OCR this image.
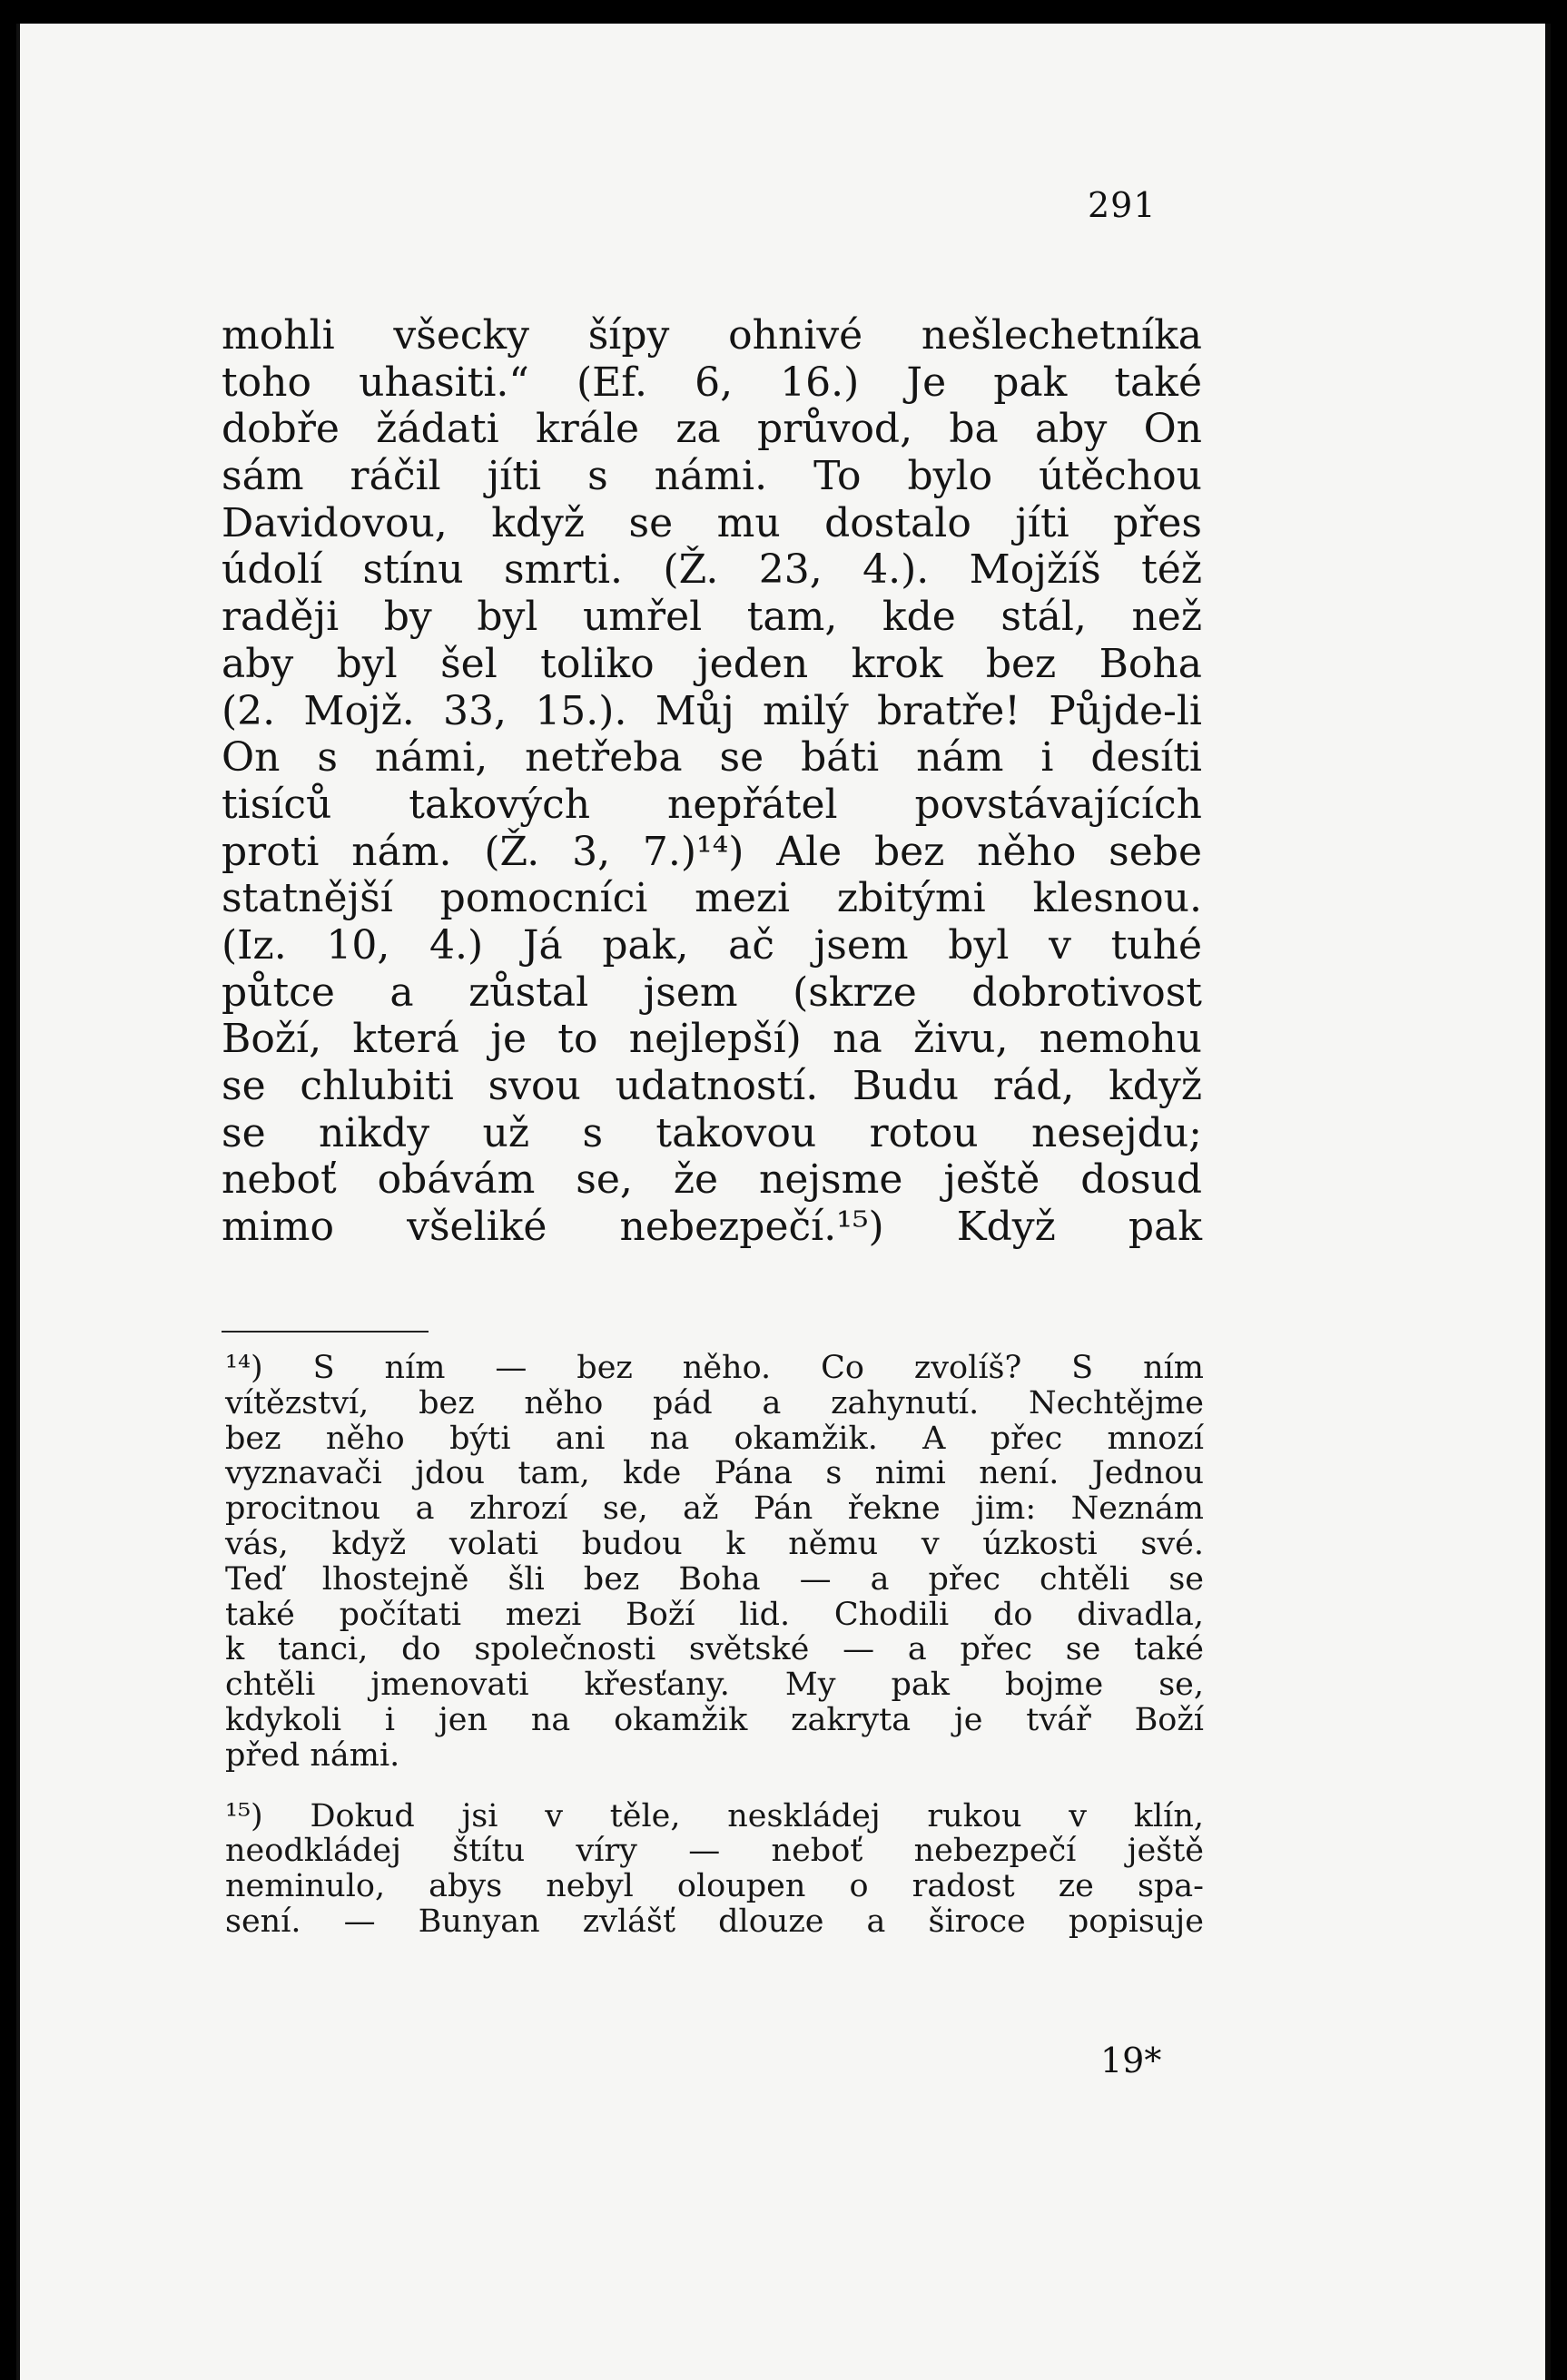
291
mohli všecky šípy ohnivé nešlechetníka
toho uhasiti.“ (Ef. 6, 16.) Je pak také
dobře žádati krále za průvod, ba aby On
sám ráčil jíti s námi. To bylo útěchou
Davidovou, když se mu dostalo jíti přes
údolí stínu smrti. (Ž. 23, 4.). Mojžíš též
raději by byl umřel tam, kde stál, než
aby byl šel toliko jeden krok bez Boha
(2. Mojž. 33, 15.). Můj milý bratře! Půjde-li
On s námi, netřeba se báti nám i desíti
tisíců takových nepřátel povstávajících
proti nám. (Ž. 3, 7.)¹⁴) Ale bez něho sebe
statnější pomocníci mezi zbitými klesnou.
(Iz. 10, 4.) Já pak, ač jsem byl v tuhé
půtce a zůstal jsem (skrze dobrotivost
Boží, která je to nejlepší) na živu, nemohu
se chlubiti svou udatností. Budu rád, když
se nikdy už s takovou rotou nesejdu;
neboť obávám se, že nejsme ještě dosud
mimo všeliké nebezpečí.¹⁵) Když pak
¹⁴) S ním — bez něho. Co zvolíš? S ním
vítězství, bez něho pád a zahynutí. Nechtějme
bez něho býti ani na okamžik. A přec mnozí
vyznavači jdou tam, kde Pána s nimi není. Jednou
procitnou a zhrozí se, až Pán řekne jim: Neznám
vás, když volati budou k němu v úzkosti své.
Teď lhostejně šli bez Boha — a přec chtěli se
také počítati mezi Boží lid. Chodili do divadla,
k tanci, do společnosti světské — a přec se také
chtěli jmenovati křesťany. My pak bojme se,
kdykoli i jen na okamžik zakryta je tvář Boží
před námi.
¹⁵) Dokud jsi v těle, neskládej rukou v klín,
neodkládej štítu víry — neboť nebezpečí ještě
neminulo, abys nebyl oloupen o radost ze spa-
sení. — Bunyan zvlášť dlouze a široce popisuje
19*
